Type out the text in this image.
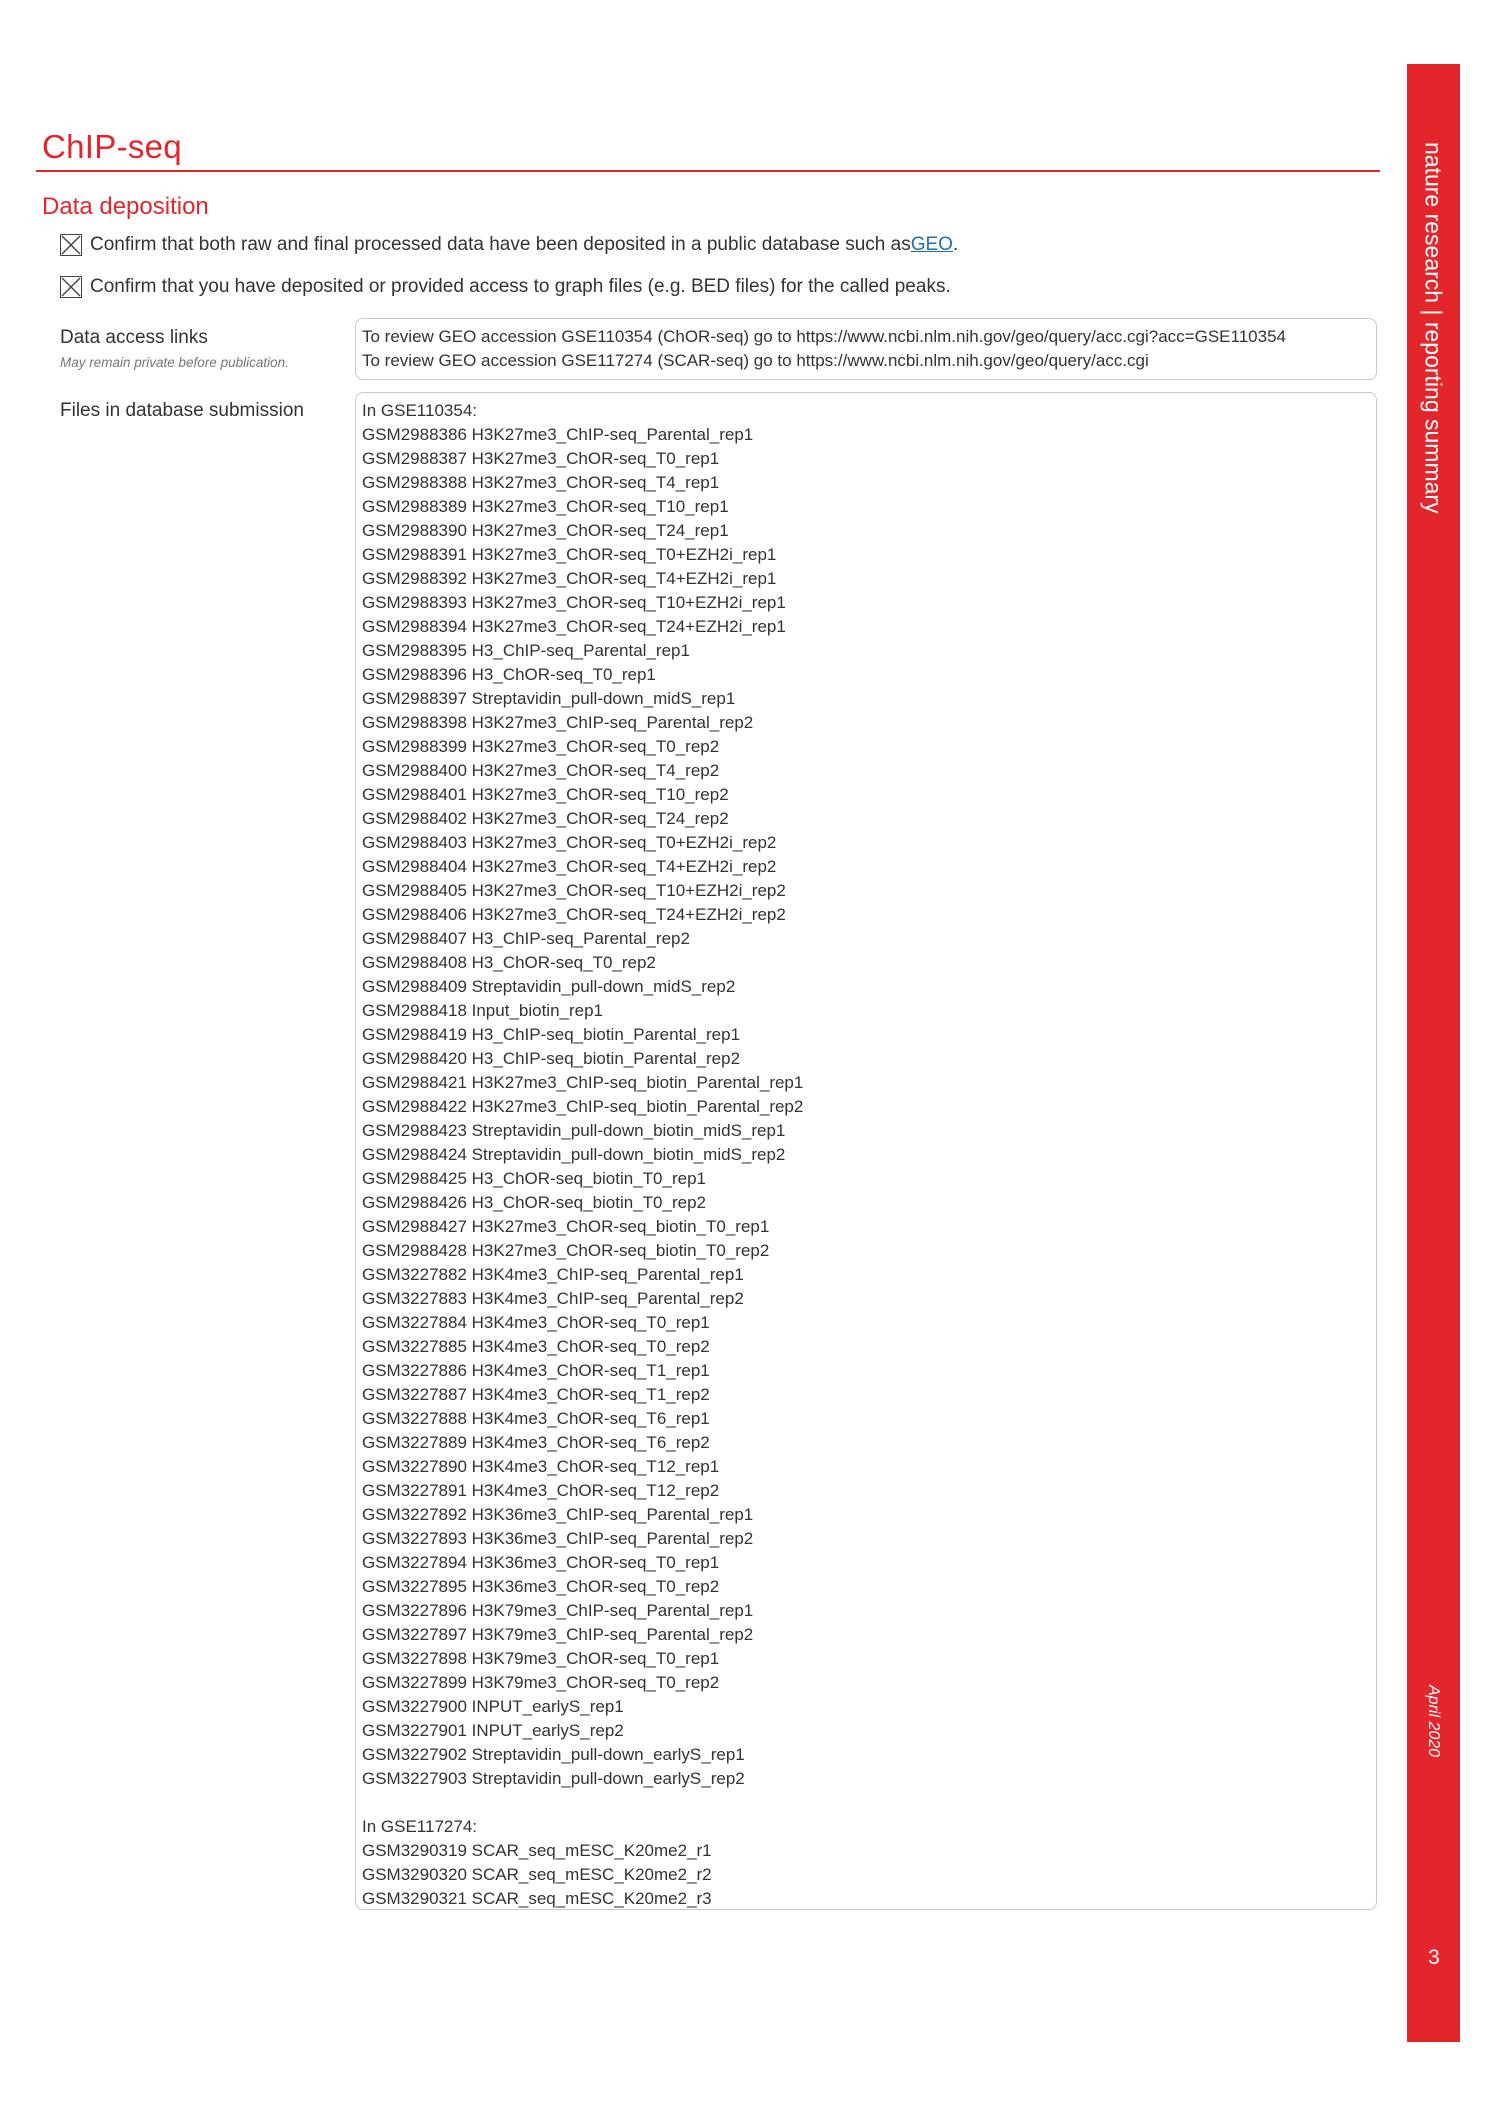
ChIP-seq
Data deposition
Confirm that both raw and final processed data have been deposited in a public database such as GEO .
Confirm that you have deposited or provided access to graph files (e.g. BED files) for the called peaks.
Data access links
May remain private before publication.
To review GEO accession GSE110354 (ChOR-seq) go to https://www.ncbi.nlm.nih.gov/geo/query/acc.cgi?acc=GSE110354
To review GEO accession GSE117274 (SCAR-seq) go to https://www.ncbi.nlm.nih.gov/geo/query/acc.cgi
Files in database submission	In GSE110354:
GSM2988386 H3K27me3_ChIP-seq_Parental_rep1
GSM2988387 H3K27me3_ChOR-seq_T0_rep1
GSM2988388 H3K27me3_ChOR-seq_T4_rep1
GSM2988389 H3K27me3_ChOR-seq_T10_rep1
GSM2988390 H3K27me3_ChOR-seq_T24_rep1
GSM2988391 H3K27me3_ChOR-seq_T0+EZH2i_rep1
GSM2988392 H3K27me3_ChOR-seq_T4+EZH2i_rep1
GSM2988393 H3K27me3_ChOR-seq_T10+EZH2i_rep1
GSM2988394 H3K27me3_ChOR-seq_T24+EZH2i_rep1
GSM2988395 H3_ChIP-seq_Parental_rep1
GSM2988396 H3_ChOR-seq_T0_rep1
GSM2988397 Streptavidin_pull-down_midS_rep1
GSM2988398 H3K27me3_ChIP-seq_Parental_rep2
GSM2988399 H3K27me3_ChOR-seq_T0_rep2
GSM2988400 H3K27me3_ChOR-seq_T4_rep2
GSM2988401 H3K27me3_ChOR-seq_T10_rep2
GSM2988402 H3K27me3_ChOR-seq_T24_rep2
GSM2988403 H3K27me3_ChOR-seq_T0+EZH2i_rep2
GSM2988404 H3K27me3_ChOR-seq_T4+EZH2i_rep2
GSM2988405 H3K27me3_ChOR-seq_T10+EZH2i_rep2
GSM2988406 H3K27me3_ChOR-seq_T24+EZH2i_rep2
GSM2988407 H3_ChIP-seq_Parental_rep2
GSM2988408 H3_ChOR-seq_T0_rep2
GSM2988409 Streptavidin_pull-down_midS_rep2
GSM2988418 Input_biotin_rep1
GSM2988419 H3_ChIP-seq_biotin_Parental_rep1
GSM2988420 H3_ChIP-seq_biotin_Parental_rep2
GSM2988421 H3K27me3_ChIP-seq_biotin_Parental_rep1
GSM2988422 H3K27me3_ChIP-seq_biotin_Parental_rep2
GSM2988423 Streptavidin_pull-down_biotin_midS_rep1
GSM2988424 Streptavidin_pull-down_biotin_midS_rep2
GSM2988425 H3_ChOR-seq_biotin_T0_rep1
GSM2988426 H3_ChOR-seq_biotin_T0_rep2
GSM2988427 H3K27me3_ChOR-seq_biotin_T0_rep1
GSM2988428 H3K27me3_ChOR-seq_biotin_T0_rep2
GSM3227882 H3K4me3_ChIP-seq_Parental_rep1
GSM3227883 H3K4me3_ChIP-seq_Parental_rep2
GSM3227884 H3K4me3_ChOR-seq_T0_rep1
GSM3227885 H3K4me3_ChOR-seq_T0_rep2
GSM3227886 H3K4me3_ChOR-seq_T1_rep1
GSM3227887 H3K4me3_ChOR-seq_T1_rep2
GSM3227888 H3K4me3_ChOR-seq_T6_rep1
GSM3227889 H3K4me3_ChOR-seq_T6_rep2
GSM3227890 H3K4me3_ChOR-seq_T12_rep1
GSM3227891 H3K4me3_ChOR-seq_T12_rep2
GSM3227892 H3K36me3_ChIP-seq_Parental_rep1
GSM3227893 H3K36me3_ChIP-seq_Parental_rep2
GSM3227894 H3K36me3_ChOR-seq_T0_rep1
GSM3227895 H3K36me3_ChOR-seq_T0_rep2
GSM3227896 H3K79me3_ChIP-seq_Parental_rep1
GSM3227897 H3K79me3_ChIP-seq_Parental_rep2
GSM3227898 H3K79me3_ChOR-seq_T0_rep1
GSM3227899 H3K79me3_ChOR-seq_T0_rep2
GSM3227900 INPUT_earlyS_rep1
GSM3227901 INPUT_earlyS_rep2
GSM3227902 Streptavidin_pull-down_earlyS_rep1
GSM3227903 Streptavidin_pull-down_earlyS_rep2
In GSE117274:
GSM3290319 SCAR_seq_mESC_K20me2_r1
GSM3290320 SCAR_seq_mESC_K20me2_r2
GSM3290321 SCAR_seq_mESC_K20me2_r3
nature research | reporting summary
April 2020
3
